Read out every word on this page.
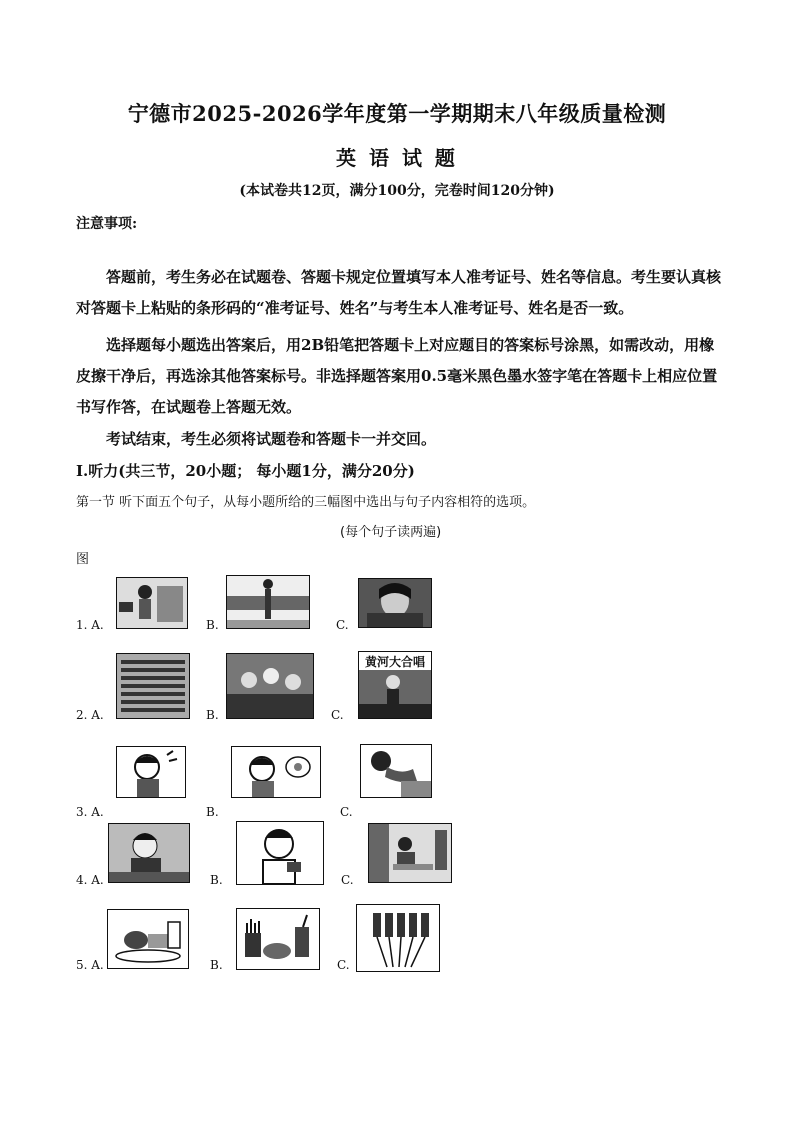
宁德市2025-2026学年度第一学期期末八年级质量检测
英 语 试 题
(本试卷共12页，满分100分，完卷时间120分钟)
注意事项:
答题前，考生务必在试题卷、答题卡规定位置填写本人准考证号、姓名等信息。考生要认真核对答题卡上粘贴的条形码的“准考证号、姓名”与考生本人准考证号、姓名是否一致。
选择题每小题选出答案后，用2B铅笔把答题卡上对应题目的答案标号涂黑，如需改动，用橡皮擦干净后，再选涂其他答案标号。非选择题答案用0.5毫米黑色墨水签字笔在答题卡上相应位置书写作答，在试题卷上答题无效。
考试结束，考生必须将试题卷和答题卡一并交回。
Ⅰ.听力(共三节，20小题； 每小题1分，满分20分)
第一节 听下面五个句子，从每小题所给的三幅图中选出与句子内容相符的选项。
(每个句子读两遍)
图
1. A.	B.	C.
2. A.	B.	C.
黄河大合唱
3. A.	B.	C.
4. A.	B.	C.
5. A.	B.	C.
